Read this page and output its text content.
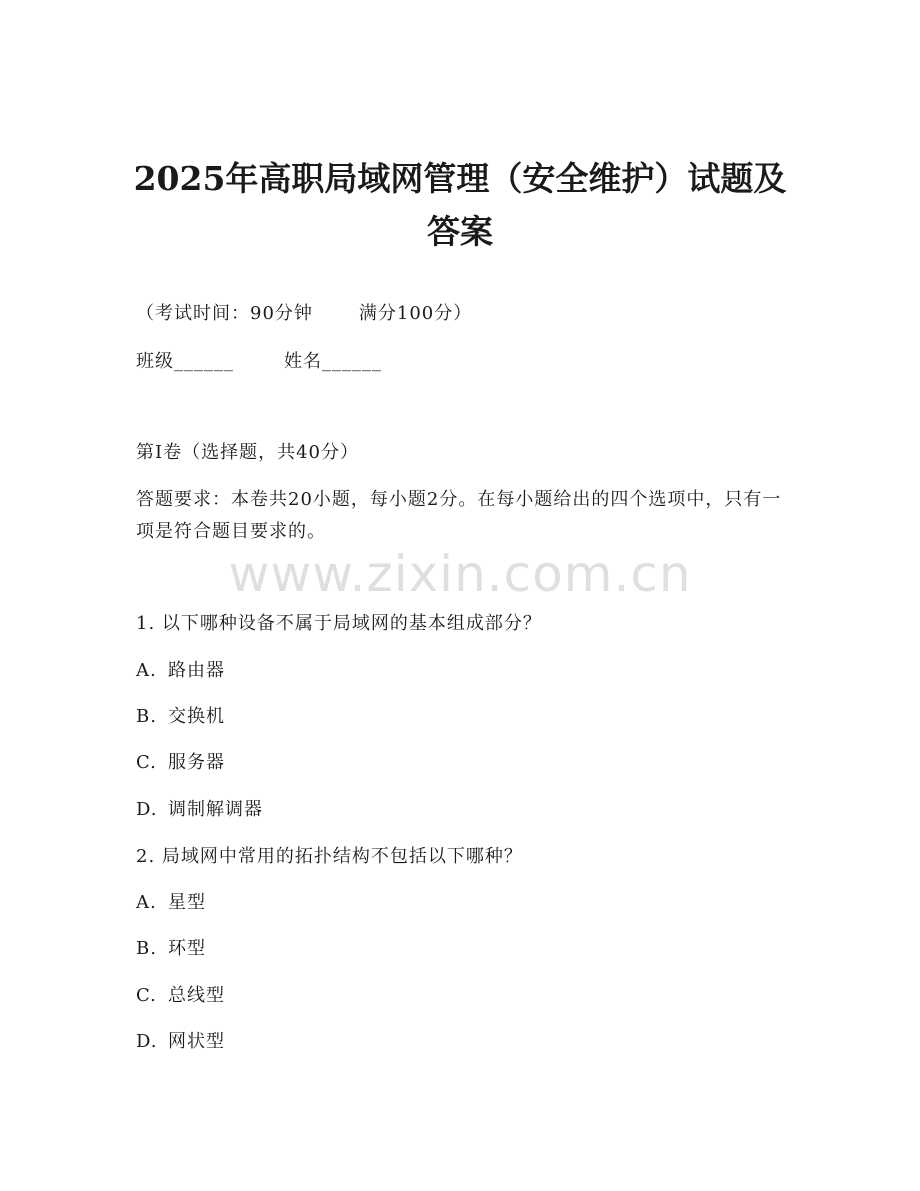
2025年高职局域网管理（安全维护）试题及
答案
（考试时间：90分钟	满分100分）
班级______	姓名______
第I卷（选择题，共40分）
答题要求：本卷共20小题，每小题2分。在每小题给出的四个选项中，只有一项是符合题目要求的。
www.zixin.com.cn
1. 以下哪种设备不属于局域网的基本组成部分？
A. 路由器
B. 交换机
C. 服务器
D. 调制解调器
2. 局域网中常用的拓扑结构不包括以下哪种？
A. 星型
B. 环型
C. 总线型
D. 网状型
